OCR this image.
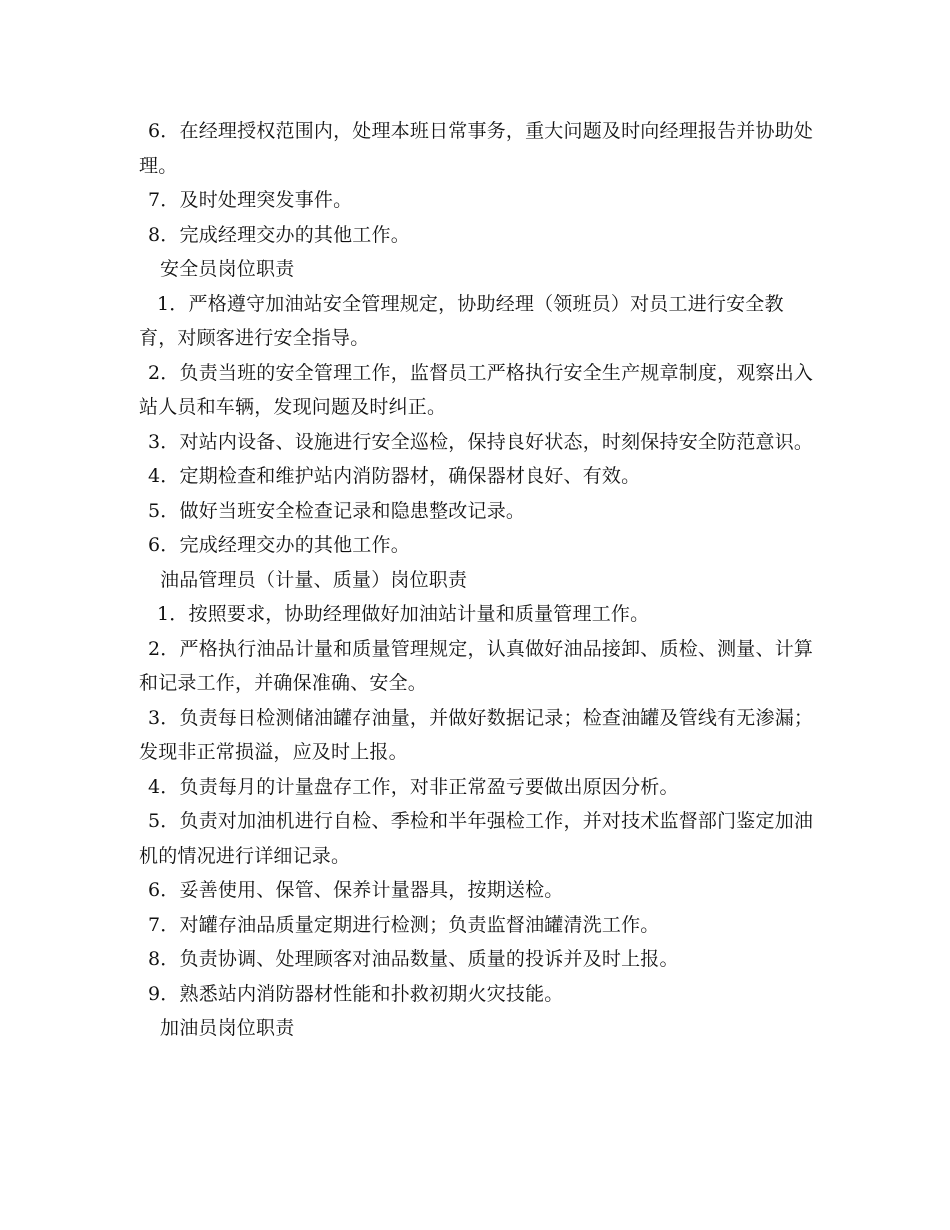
6．在经理授权范围内，处理本班日常事务，重大问题及时向经理报告并协助处理。

7．及时处理突发事件。

8．完成经理交办的其他工作。

安全员岗位职责

1．严格遵守加油站安全管理规定，协助经理（领班员）对员工进行安全教育，对顾客进行安全指导。

2．负责当班的安全管理工作，监督员工严格执行安全生产规章制度，观察出入站人员和车辆，发现问题及时纠正。

3．对站内设备、设施进行安全巡检，保持良好状态，时刻保持安全防范意识。

4．定期检查和维护站内消防器材，确保器材良好、有效。

5．做好当班安全检查记录和隐患整改记录。

6．完成经理交办的其他工作。

油品管理员（计量、质量）岗位职责

1．按照要求，协助经理做好加油站计量和质量管理工作。

2．严格执行油品计量和质量管理规定，认真做好油品接卸、质检、测量、计算和记录工作，并确保准确、安全。

3．负责每日检测储油罐存油量，并做好数据记录；检查油罐及管线有无渗漏；发现非正常损溢，应及时上报。

4．负责每月的计量盘存工作，对非正常盈亏要做出原因分析。

5．负责对加油机进行自检、季检和半年强检工作，并对技术监督部门鉴定加油机的情况进行详细记录。

6．妥善使用、保管、保养计量器具，按期送检。

7．对罐存油品质量定期进行检测；负责监督油罐清洗工作。

8．负责协调、处理顾客对油品数量、质量的投诉并及时上报。

9．熟悉站内消防器材性能和扑救初期火灾技能。

加油员岗位职责
